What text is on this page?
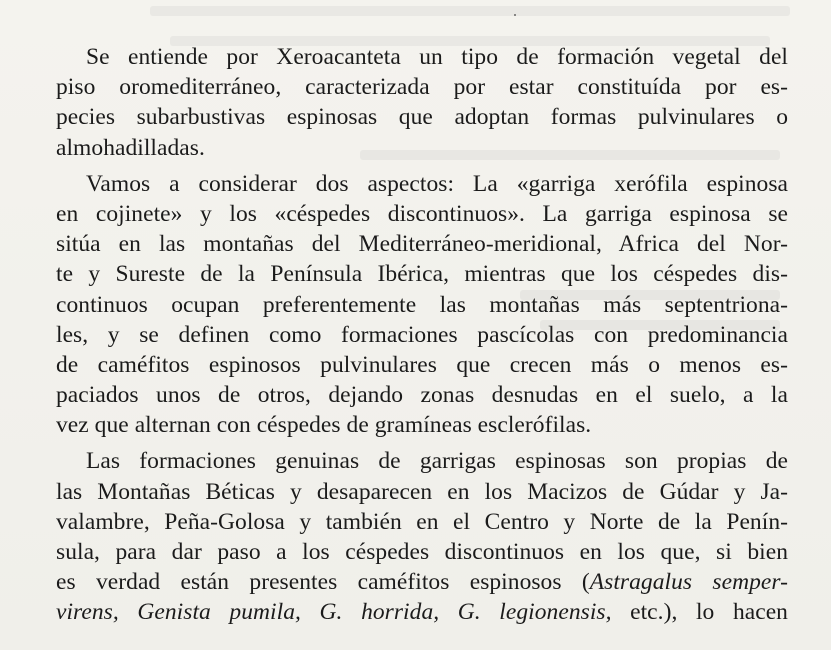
Se entiende por Xeroacanteta un tipo de formación vegetal del
piso oromediterráneo, caracterizada por estar constituída por es-
pecies subarbustivas espinosas que adoptan formas pulvinulares o
almohadilladas.
Vamos a considerar dos aspectos: La «garriga xerófila espinosa
en cojinete» y los «céspedes discontinuos». La garriga espinosa se
sitúa en las montañas del Mediterráneo-meridional, Africa del Nor-
te y Sureste de la Península Ibérica, mientras que los céspedes dis-
continuos ocupan preferentemente las montañas más septentriona-
les, y se definen como formaciones pascícolas con predominancia
de caméfitos espinosos pulvinulares que crecen más o menos es-
paciados unos de otros, dejando zonas desnudas en el suelo, a la
vez que alternan con céspedes de gramíneas esclerófilas.
Las formaciones genuinas de garrigas espinosas son propias de
las Montañas Béticas y desaparecen en los Macizos de Gúdar y Ja-
valambre, Peña-Golosa y también en el Centro y Norte de la Penín-
sula, para dar paso a los céspedes discontinuos en los que, si bien
es verdad están presentes caméfitos espinosos (Astragalus semper-
virens, Genista pumila, G. horrida, G. legionensis, etc.), lo hacen
